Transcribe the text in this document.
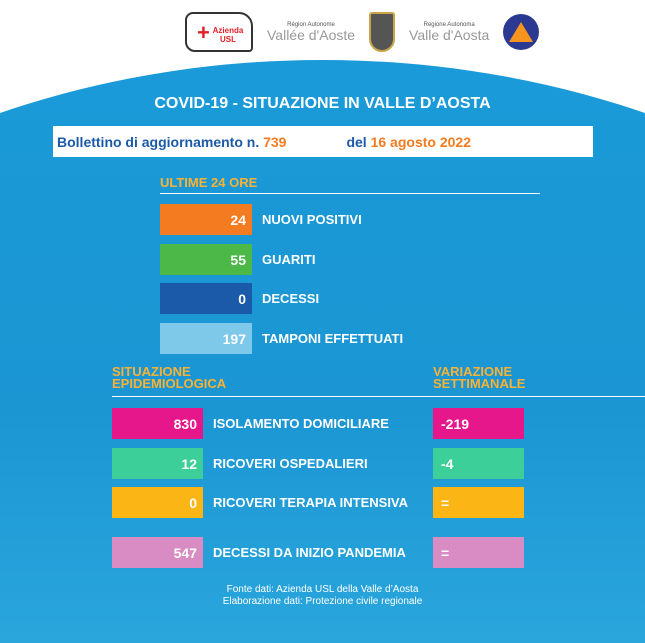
+ Azienda USL
Région Autonome
Vallée d'Aoste
Regione Autonoma
Valle d'Aosta
COVID-19 - SITUAZIONE IN VALLE D’AOSTA
Bollettino di aggiornamento n.
739	del
16 agosto 2022
ULTIME 24 ORE
24 NUOVI POSITIVI
55 GUARITI
0 DECESSI
197 TAMPONI EFFETTUATI
SITUAZIONE
EPIDEMIOLOGICA
VARIAZIONE
SETTIMANALE
830 ISOLAMENTO DOMICILIARE	-219
12 RICOVERI OSPEDALIERI	-4
0 RICOVERI TERAPIA INTENSIVA =
547 DECESSI DA INIZIO PANDEMIA	=
Fonte dati: Azienda USL della Valle d’Aosta
Elaborazione dati: Protezione civile regionale
